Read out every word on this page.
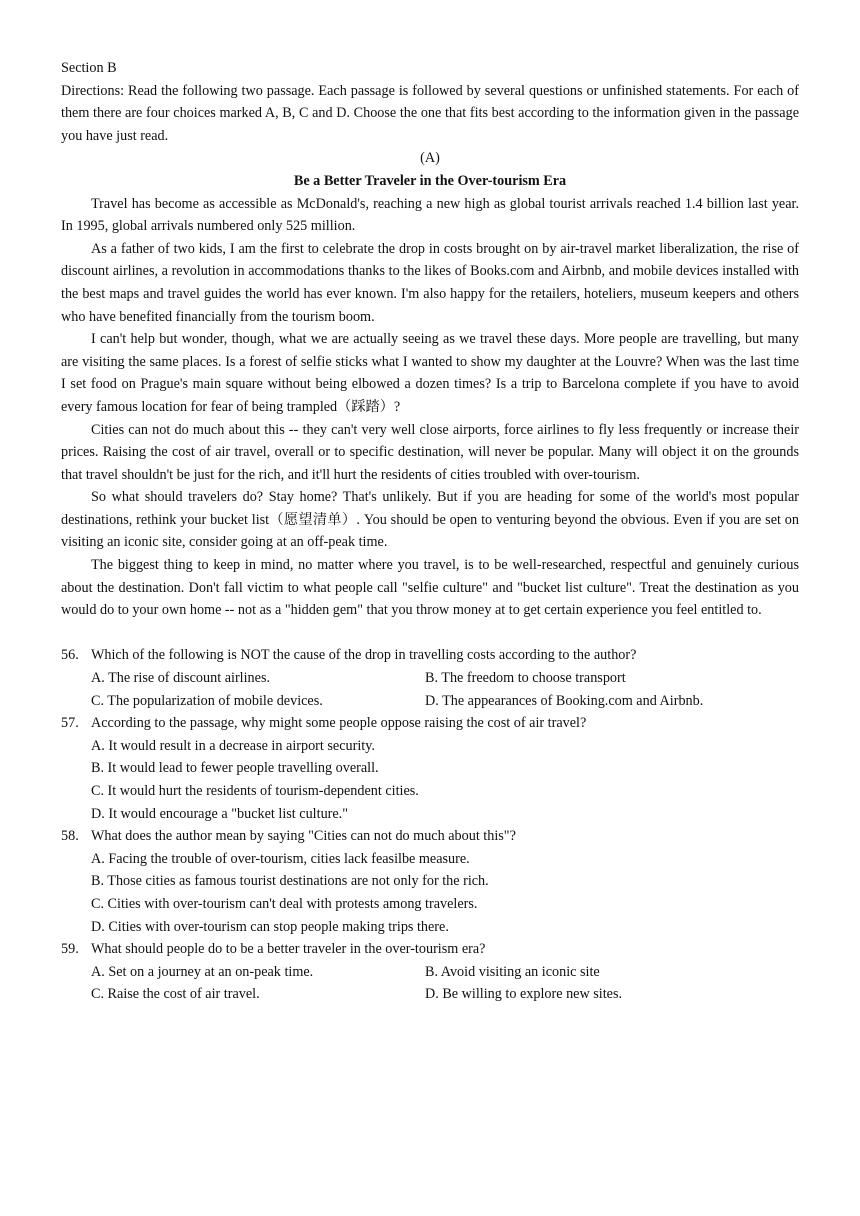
Section B

Directions: Read the following two passage. Each passage is followed by several questions or unfinished statements. For each of them there are four choices marked A, B, C and D. Choose the one that fits best according to the information given in the passage you have just read.

(A)

Be a Better Traveler in the Over-tourism Era

Travel has become as accessible as McDonald's, reaching a new high as global tourist arrivals reached 1.4 billion last year. In 1995, global arrivals numbered only 525 million.

As a father of two kids, I am the first to celebrate the drop in costs brought on by air-travel market liberalization, the rise of discount airlines, a revolution in accommodations thanks to the likes of Books.com and Airbnb, and mobile devices installed with the best maps and travel guides the world has ever known. I'm also happy for the retailers, hoteliers, museum keepers and others who have benefited financially from the tourism boom.

I can't help but wonder, though, what we are actually seeing as we travel these days. More people are travelling, but many are visiting the same places. Is a forest of selfie sticks what I wanted to show my daughter at the Louvre? When was the last time I set food on Prague's main square without being elbowed a dozen times? Is a trip to Barcelona complete if you have to avoid every famous location for fear of being trampled（踩踏）?

Cities can not do much about this -- they can't very well close airports, force airlines to fly less frequently or increase their prices. Raising the cost of air travel, overall or to specific destination, will never be popular. Many will object it on the grounds that travel shouldn't be just for the rich, and it'll hurt the residents of cities troubled with over-tourism.

So what should travelers do? Stay home? That's unlikely. But if you are heading for some of the world's most popular destinations, rethink your bucket list（愿望清单）. You should be open to venturing beyond the obvious. Even if you are set on visiting an iconic site, consider going at an off-peak time.

The biggest thing to keep in mind, no matter where you travel, is to be well-researched, respectful and genuinely curious about the destination. Don't fall victim to what people call "selfie culture" and "bucket list culture". Treat the destination as you would do to your own home -- not as a "hidden gem" that you throw money at to get certain experience you feel entitled to.

56. Which of the following is NOT the cause of the drop in travelling costs according to the author?
A. The rise of discount airlines.	B. The freedom to choose transport
C. The popularization of mobile devices.	D. The appearances of Booking.com and Airbnb.
57. According to the passage, why might some people oppose raising the cost of air travel?
A. It would result in a decrease in airport security.
B. It would lead to fewer people travelling overall.
C. It would hurt the residents of tourism-dependent cities.
D. It would encourage a "bucket list culture."
58. What does the author mean by saying "Cities can not do much about this"?
A. Facing the trouble of over-tourism, cities lack feasilbe measure.
B. Those cities as famous tourist destinations are not only for the rich.
C. Cities with over-tourism can't deal with protests among travelers.
D. Cities with over-tourism can stop people making trips there.
59. What should people do to be a better traveler in the over-tourism era?
A. Set on a journey at an on-peak time.	B. Avoid visiting an iconic site
C. Raise the cost of air travel.	D. Be willing to explore new sites.
